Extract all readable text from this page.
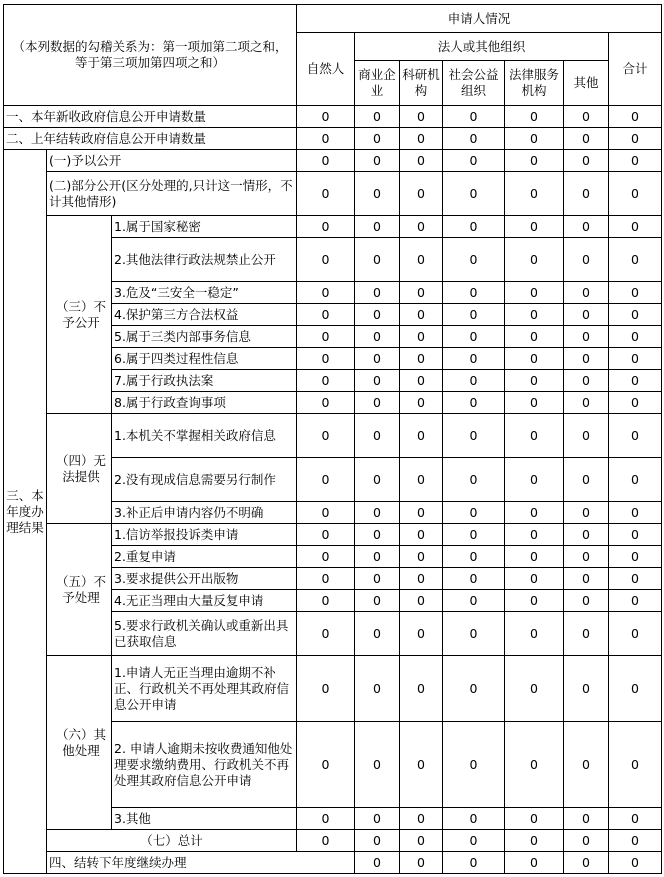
（本列数据的勾稽关系为：第一项加第二项之和，等于第三项加第四项之和）			申请人情况							
			自然人	法人或其他组织					合计	
				商业企业	科研机构	社会公益组织	法律服务机构	其他		
一、本年新收政府信息公开申请数量			0	0	0	0	0	0	0	
二、上年结转政府信息公开申请数量			0	0	0	0	0	0	0	
三、本年度办理结果	(一)予以公开		0	0	0	0	0	0	0	
	(二)部分公开(区分处理的,只计这一情形，不计其他情形)		0	0	0	0	0	0	0	
	（三）不予公开	1.属于国家秘密	0	0	0	0	0	0	0	
		2.其他法律行政法规禁止公开	0	0	0	0	0	0	0	
		3.危及“三安全一稳定”	0	0	0	0	0	0	0	
		4.保护第三方合法权益	0	0	0	0	0	0	0	
		5.属于三类内部事务信息	0	0	0	0	0	0	0	
		6.属于四类过程性信息	0	0	0	0	0	0	0	
		7.属于行政执法案	0	0	0	0	0	0	0	
		8.属于行政查询事项	0	0	0	0	0	0	0	
	（四）无法提供	1.本机关不掌握相关政府信息	0	0	0	0	0	0	0	
		2.没有现成信息需要另行制作	0	0	0	0	0	0	0	
		3.补正后申请内容仍不明确	0	0	0	0	0	0	0	
	（五）不予处理	1.信访举报投诉类申请	0	0	0	0	0	0	0	
		2.重复申请	0	0	0	0	0	0	0	
		3.要求提供公开出版物	0	0	0	0	0	0	0	
		4.无正当理由大量反复申请	0	0	0	0	0	0	0	
		5.要求行政机关确认或重新出具已获取信息	0	0	0	0	0	0	0	
	（六）其他处理	1.申请人无正当理由逾期不补正、行政机关不再处理其政府信息公开申请	0	0	0	0	0	0	0	
		2. 申请人逾期未按收费通知他处理要求缴纳费用、行政机关不再处理其政府信息公开申请	0	0	0	0	0	0	0	
		3.其他	0	0	0	0	0	0	0	
	（七）总计		0	0	0	0	0	0	0	
	四、结转下年度继续办理			0	0	0	0	0	0	
